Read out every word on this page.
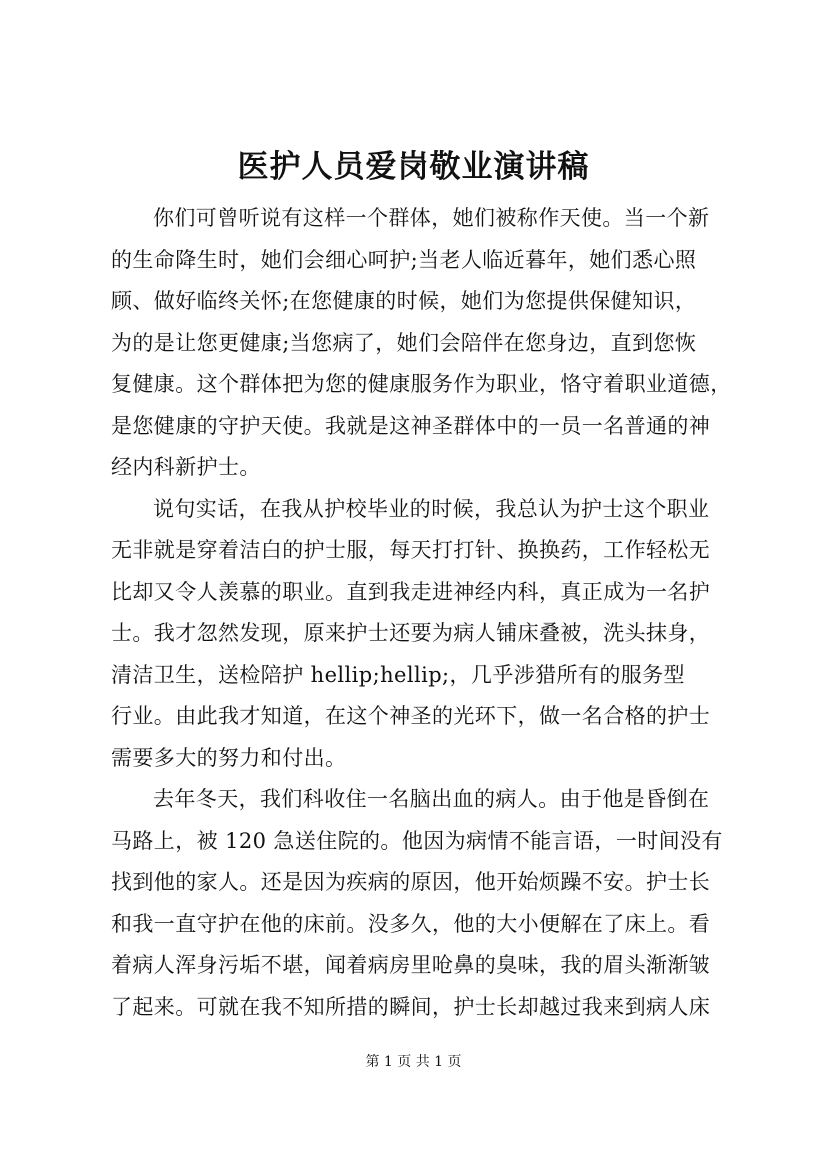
医护人员爱岗敬业演讲稿
你们可曾听说有这样一个群体，她们被称作天使。当一个新
的生命降生时，她们会细心呵护;当老人临近暮年，她们悉心照
顾、做好临终关怀;在您健康的时候，她们为您提供保健知识，
为的是让您更健康;当您病了，她们会陪伴在您身边，直到您恢
复健康。这个群体把为您的健康服务作为职业，恪守着职业道德，
是您健康的守护天使。我就是这神圣群体中的一员一名普通的神
经内科新护士。
说句实话，在我从护校毕业的时候，我总认为护士这个职业
无非就是穿着洁白的护士服，每天打打针、换换药，工作轻松无
比却又令人羡慕的职业。直到我走进神经内科，真正成为一名护
士。我才忽然发现，原来护士还要为病人铺床叠被，洗头抹身，
清洁卫生，送检陪护 hellip;hellip;，几乎涉猎所有的服务型
行业。由此我才知道，在这个神圣的光环下，做一名合格的护士
需要多大的努力和付出。
去年冬天，我们科收住一名脑出血的病人。由于他是昏倒在
马路上，被 120 急送住院的。他因为病情不能言语，一时间没有
找到他的家人。还是因为疾病的原因，他开始烦躁不安。护士长
和我一直守护在他的床前。没多久，他的大小便解在了床上。看
着病人浑身污垢不堪，闻着病房里呛鼻的臭味，我的眉头渐渐皱
了起来。可就在我不知所措的瞬间，护士长却越过我来到病人床
第 1 页 共 1 页
